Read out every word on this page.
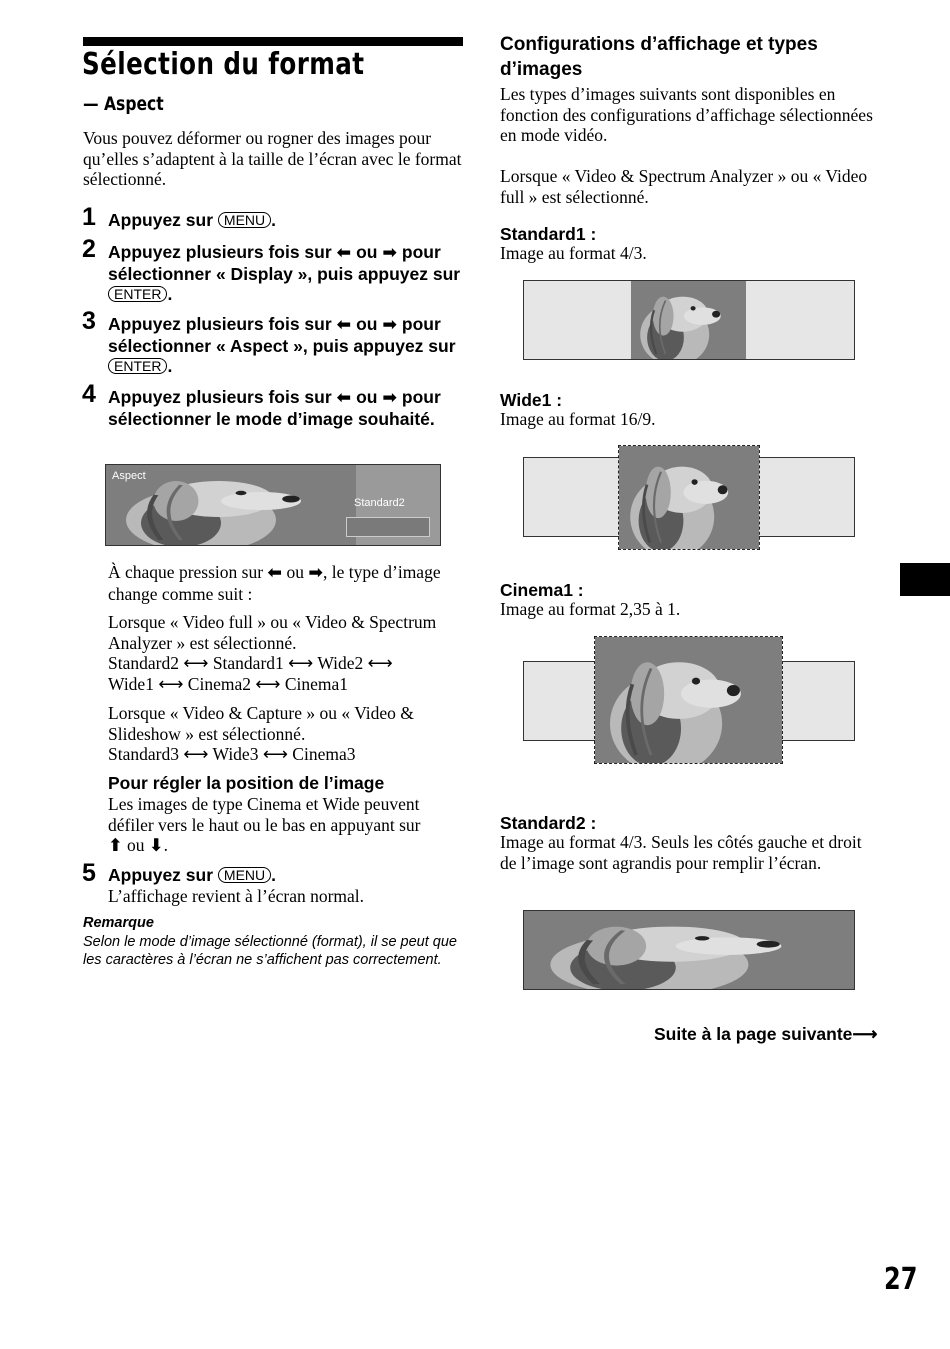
Sélection du format
— Aspect
Vous pouvez déformer ou rogner des images pour qu’elles s’adaptent à la taille de l’écran avec le format sélectionné.
1 Appuyez sur MENU .
2 Appuyez plusieurs fois sur ⬅ ou ➡ pour sélectionner « Display », puis appuyez sur ENTER .
3 Appuyez plusieurs fois sur ⬅ ou ➡ pour sélectionner « Aspect », puis appuyez sur ENTER .
4 Appuyez plusieurs fois sur ⬅ ou ➡ pour sélectionner le mode d’image souhaité.
Aspect
Standard2
À chaque pression sur ⬅ ou ➡, le type d’image change comme suit :
Lorsque « Video full » ou « Video & Spectrum Analyzer » est sélectionné.
Standard2 ⟷ Standard1 ⟷ Wide2 ⟷
Wide1 ⟷ Cinema2 ⟷ Cinema1
Lorsque « Video & Capture » ou « Video & Slideshow » est sélectionné.
Standard3 ⟷ Wide3 ⟷ Cinema3
Pour régler la position de l’image
Les images de type Cinema et Wide peuvent défiler vers le haut ou le bas en appuyant sur
⬆ ou ⬇.
5 Appuyez sur MENU .
L’affichage revient à l’écran normal.
Remarque
Selon le mode d’image sélectionné (format), il se peut que les caractères à l’écran ne s’affichent pas correctement.
Configurations d’affichage et types d’images
Les types d’images suivants sont disponibles en fonction des configurations d’affichage sélectionnées en mode vidéo.
Lorsque « Video & Spectrum Analyzer » ou « Video full » est sélectionné.
Standard1 :
Image au format 4/3.
Wide1 :
Image au format 16/9.
Cinema1 :
Image au format 2,35 à 1.
Standard2 :
Image au format 4/3. Seuls les côtés gauche et droit de l’image sont agrandis pour remplir l’écran.
Suite à la page suivante⟶
27
